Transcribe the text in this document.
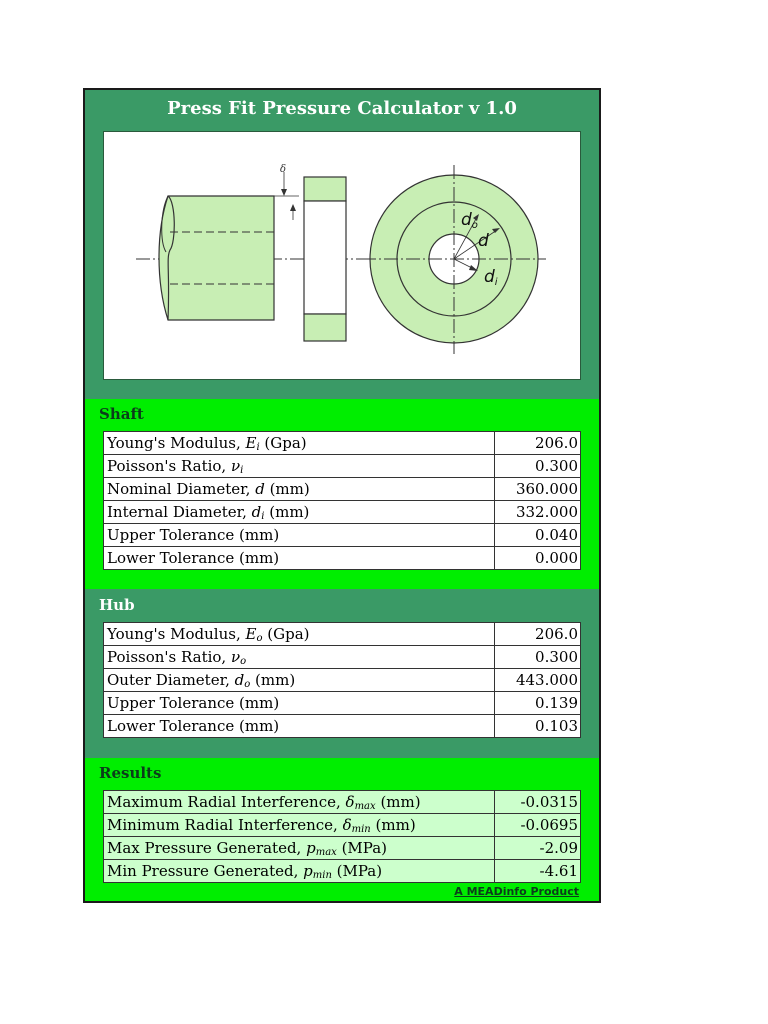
Press Fit Pressure Calculator v 1.0
δ
do
d
di
Shaft
Young's Modulus, $E_i$ (Gpa)	206.0
Poisson's Ratio, $\nu_i$	0.300
Nominal Diameter, d (mm)	360.000
Internal Diameter, $d_i$ (mm)	332.000
Upper Tolerance (mm)	0.040
Lower Tolerance (mm)	0.000
Hub
Young's Modulus, $E_o$ (Gpa)	206.0
Poisson's Ratio, $\nu_o$	0.300
Outer Diameter, $d_o$ (mm)	443.000
Upper Tolerance (mm)	0.139
Lower Tolerance (mm)	0.103
Results
Maximum Radial Interference, $\delta_{max}$ (mm)	-0.0315
Minimum Radial Interference, $\delta_{min}$ (mm)	-0.0695
Max Pressure Generated, $p_{max}$ (MPa)	-2.09
Min Pressure Generated, $p_{min}$ (MPa)	-4.61
A MEADinfo Product
